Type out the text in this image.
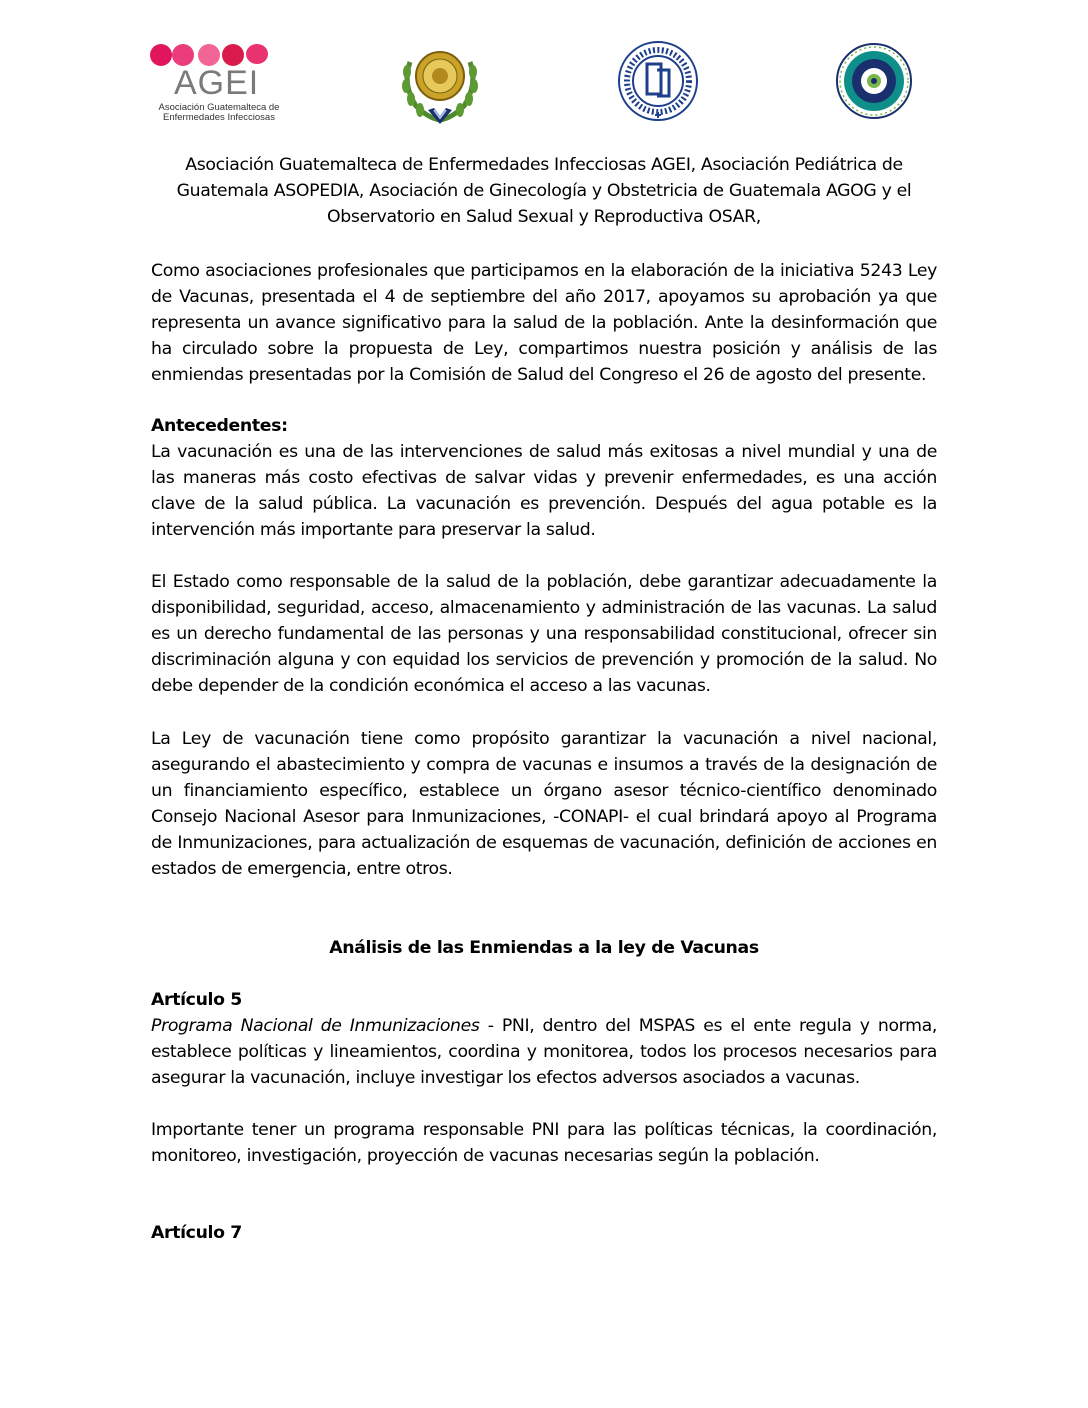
AGEI
Asociación Guatemalteca de
Enfermedades Infecciosas

Asociación Guatemalteca de Enfermedades Infecciosas AGEI, Asociación Pediátrica de Guatemala ASOPEDIA, Asociación de Ginecología y Obstetricia de Guatemala AGOG y el Observatorio en Salud Sexual y Reproductiva OSAR,

Como asociaciones profesionales que participamos en la elaboración de la iniciativa 5243 Ley de Vacunas, presentada el 4 de septiembre del año 2017, apoyamos su aprobación ya que representa un avance significativo para la salud de la población. Ante la desinformación que ha circulado sobre la propuesta de Ley, compartimos nuestra posición y análisis de las enmiendas presentadas por la Comisión de Salud del Congreso el 26 de agosto del presente.

Antecedentes:

La vacunación es una de las intervenciones de salud más exitosas a nivel mundial y una de las maneras más costo efectivas de salvar vidas y prevenir enfermedades, es una acción clave de la salud pública. La vacunación es prevención. Después del agua potable es la intervención más importante para preservar la salud.

El Estado como responsable de la salud de la población, debe garantizar adecuadamente la disponibilidad, seguridad, acceso, almacenamiento y administración de las vacunas. La salud es un derecho fundamental de las personas y una responsabilidad constitucional, ofrecer sin discriminación alguna y con equidad los servicios de prevención y promoción de la salud. No debe depender de la condición económica el acceso a las vacunas.

La Ley de vacunación tiene como propósito garantizar la vacunación a nivel nacional, asegurando el abastecimiento y compra de vacunas e insumos a través de la designación de un financiamiento específico, establece un órgano asesor técnico-científico denominado Consejo Nacional Asesor para Inmunizaciones, -CONAPI- el cual brindará apoyo al Programa de Inmunizaciones, para actualización de esquemas de vacunación, definición de acciones en estados de emergencia, entre otros.

Análisis de las Enmiendas a la ley de Vacunas

Artículo 5

Programa Nacional de Inmunizaciones - PNI, dentro del MSPAS es el ente regula y norma, establece políticas y lineamientos, coordina y monitorea, todos los procesos necesarios para asegurar la vacunación, incluye investigar los efectos adversos asociados a vacunas.

Importante tener un programa responsable PNI para las políticas técnicas, la coordinación, monitoreo, investigación, proyección de vacunas necesarias según la población.

Artículo 7
